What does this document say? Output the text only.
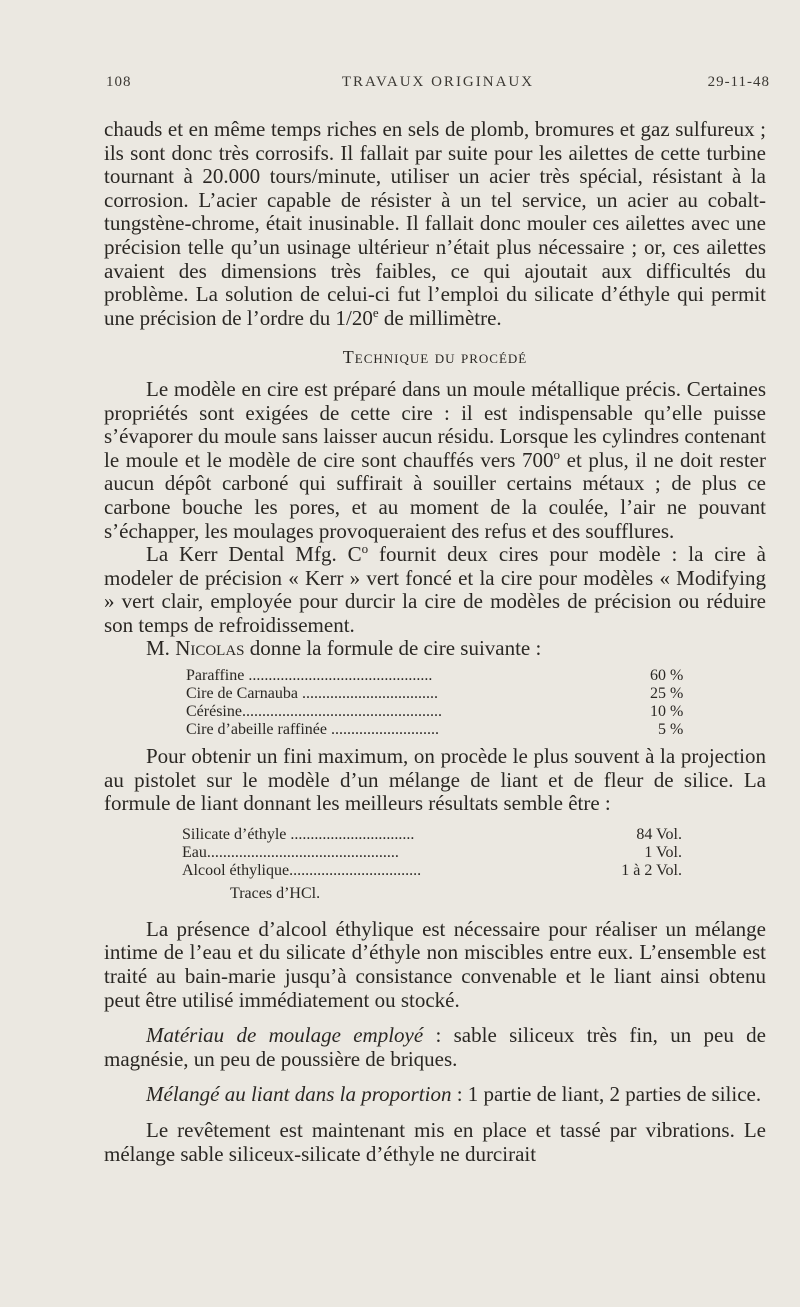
108	TRAVAUX ORIGINAUX	29-11-48

chauds et en même temps riches en sels de plomb, bromures et gaz sulfureux ; ils sont donc très corrosifs. Il fallait par suite pour les ailettes de cette turbine tournant à 20.000 tours/minute, utiliser un acier très spécial, résistant à la corrosion. L’acier capable de résister à un tel service, un acier au cobalt-tungstène-chrome, était inusinable. Il fallait donc mouler ces ailettes avec une précision telle qu’un usinage ultérieur n’était plus nécessaire ; or, ces ailettes avaient des dimensions très faibles, ce qui ajoutait aux difficultés du problème. La solution de celui-ci fut l’emploi du silicate d’éthyle qui permit une précision de l’ordre du 1/20e de millimètre.

Technique du procédé

Le modèle en cire est préparé dans un moule métallique précis. Certaines propriétés sont exigées de cette cire : il est indispensable qu’elle puisse s’évaporer du moule sans laisser aucun résidu. Lorsque les cylindres contenant le moule et le modèle de cire sont chauffés vers 700$^o$ et plus, il ne doit rester aucun dépôt carboné qui suffirait à souiller certains métaux ; de plus ce carbone bouche les pores, et au moment de la coulée, l’air ne pouvant s’échapper, les moulages provoqueraient des refus et des soufflures.

La Kerr Dental Mfg. $C^o$ fournit deux cires pour modèle : la cire à modeler de précision « Kerr » vert foncé et la cire pour modèles « Modifying » vert clair, employée pour durcir la cire de modèles de précision ou réduire son temps de refroidissement.

M. Nicolas donne la formule de cire suivante :

Paraffine ..............................................	60	%
Cire de Carnauba ..................................	25	%
Cérésine..................................................	10	%
Cire d’abeille raffinée ...........................	5	%

Pour obtenir un fini maximum, on procède le plus souvent à la projection au pistolet sur le modèle d’un mélange de liant et de fleur de silice. La formule de liant donnant les meilleurs résultats semble être :

Silicate d’éthyle ...............................	84 Vol.
Eau................................................	1 Vol.
Alcool éthylique.................................	1 à 2 Vol.
Traces d’HCl.

La présence d’alcool éthylique est nécessaire pour réaliser un mélange intime de l’eau et du silicate d’éthyle non miscibles entre eux. L’ensemble est traité au bain-marie jusqu’à consistance convenable et le liant ainsi obtenu peut être utilisé immédiatement ou stocké.

Matériau de moulage employé : sable siliceux très fin, un peu de magnésie, un peu de poussière de briques.

Mélangé au liant dans la proportion : 1 partie de liant, 2 parties de silice.

Le revêtement est maintenant mis en place et tassé par vibrations. Le mélange sable siliceux-silicate d’éthyle ne durcirait
